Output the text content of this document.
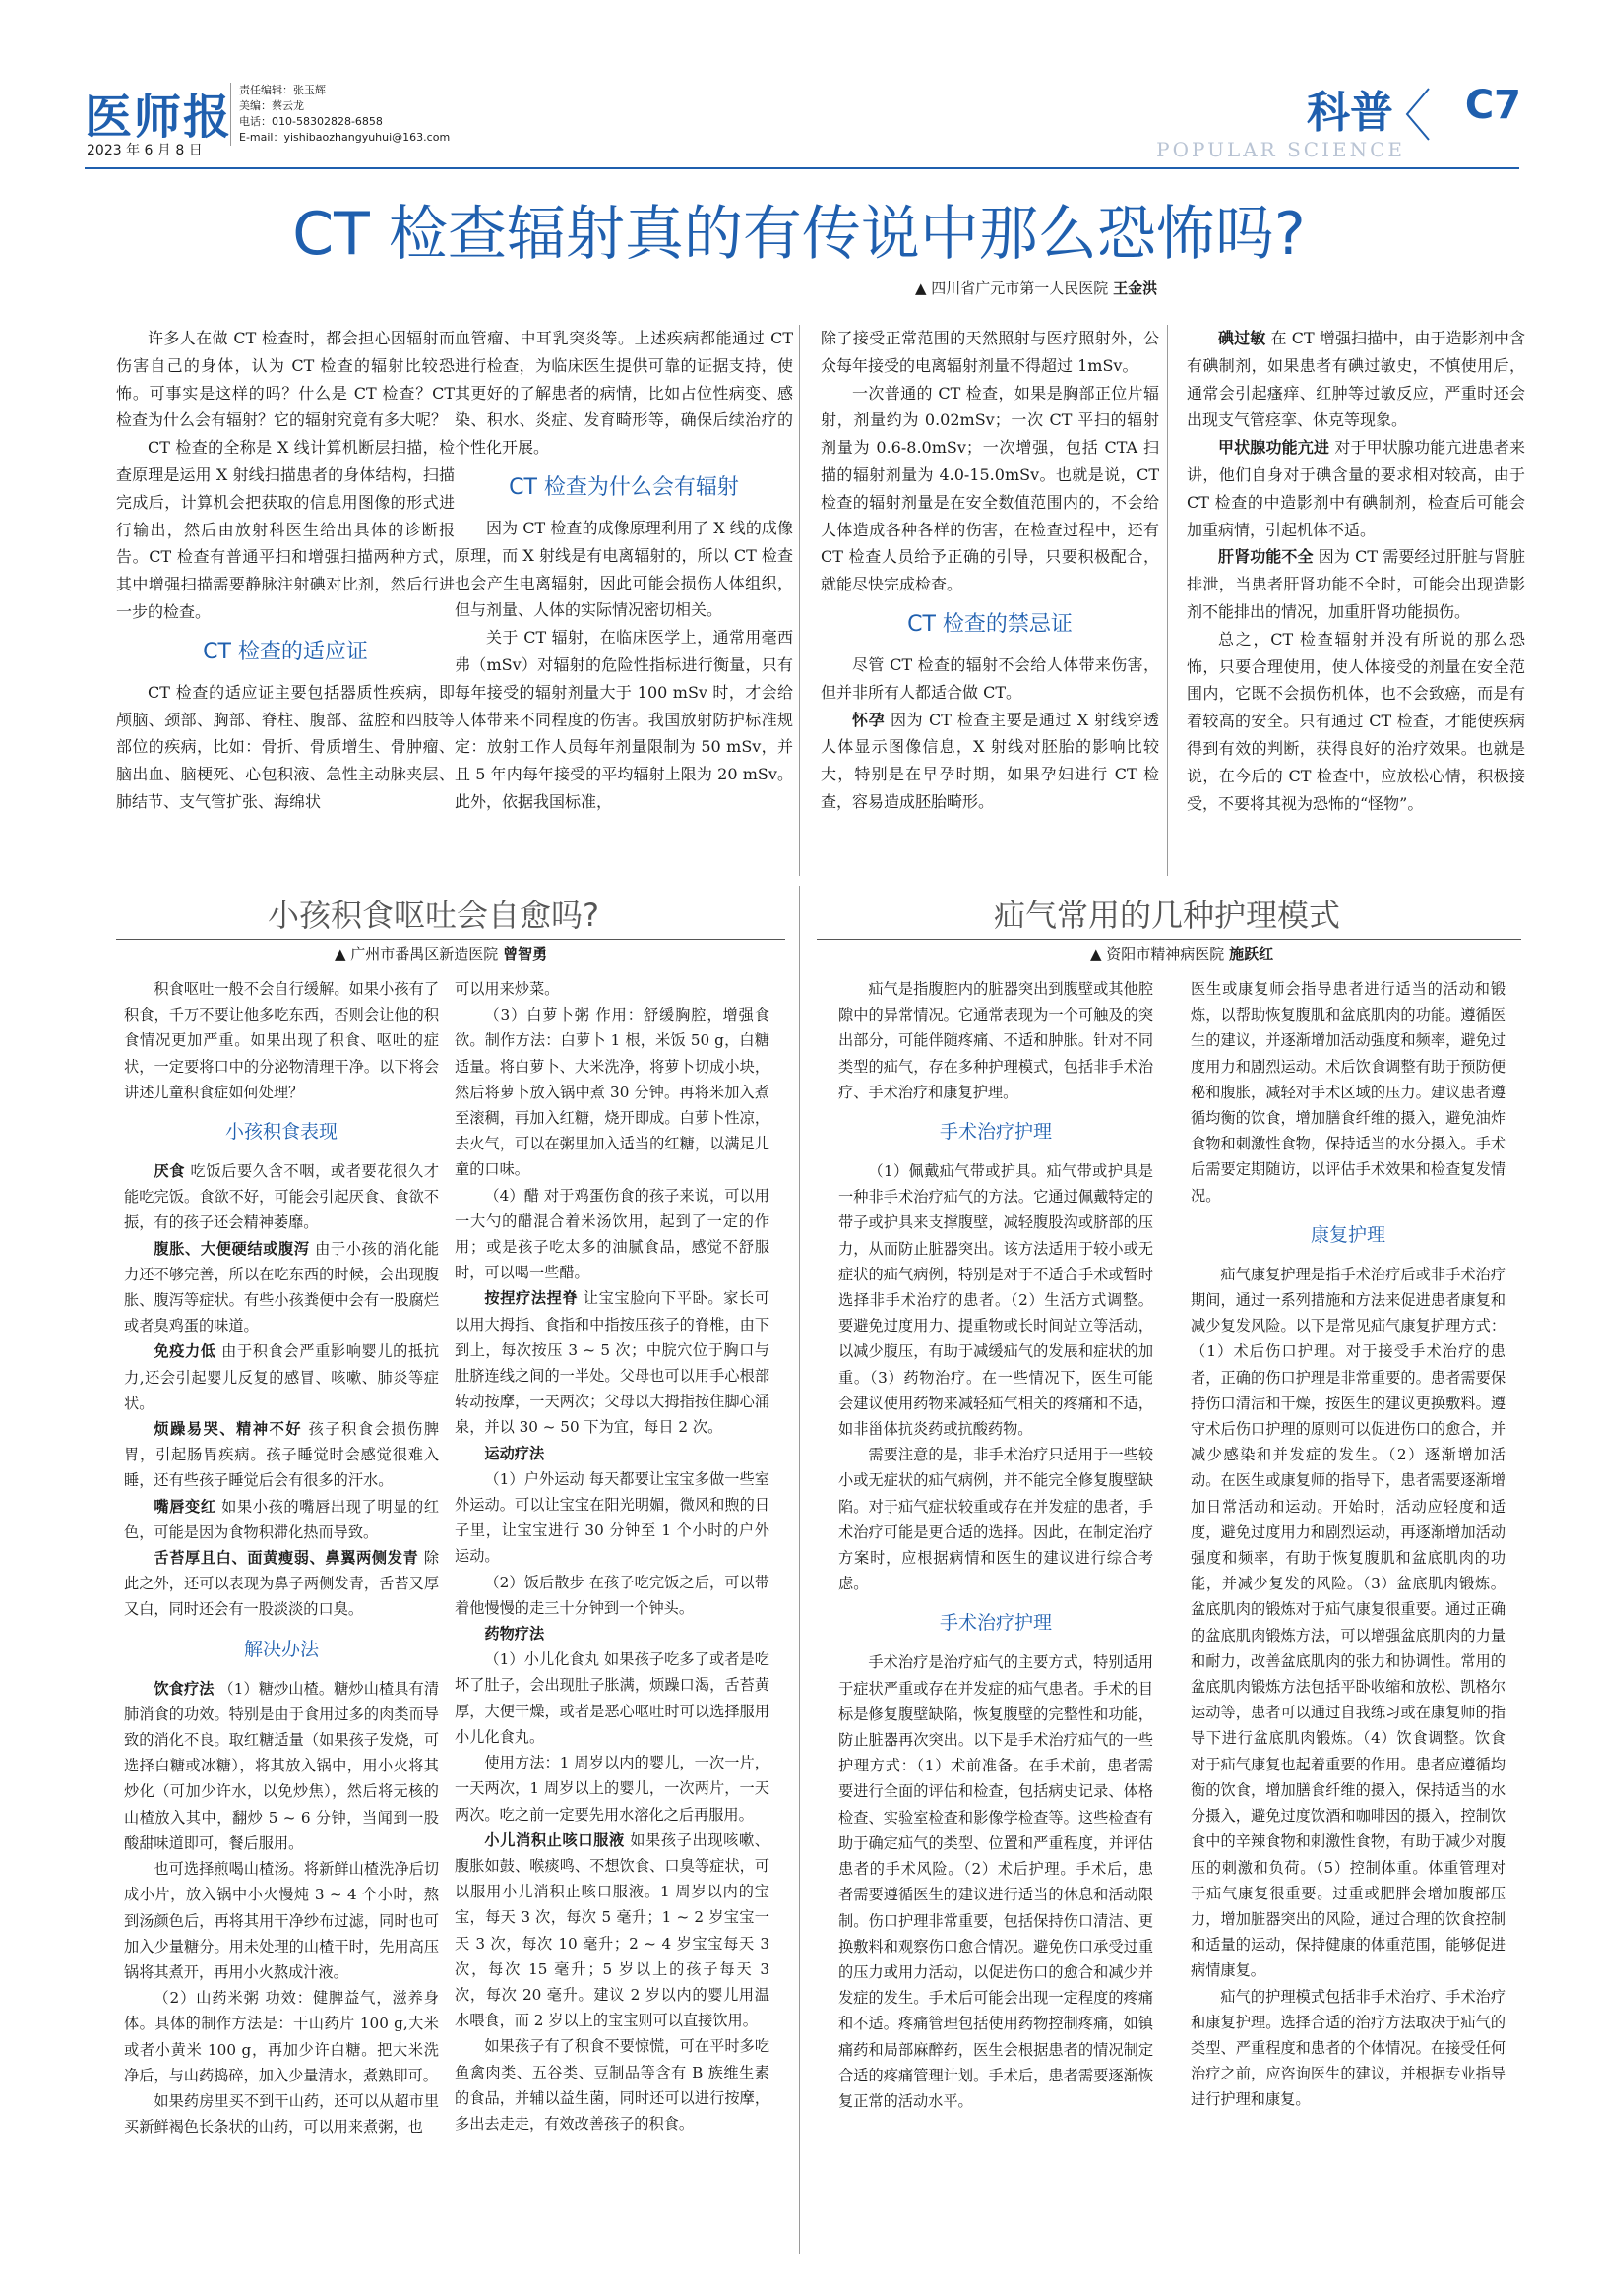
医师报
2023 年 6 月 8 日
责任编辑：张玉辉
美编：蔡云龙
电话：010-58302828-6858
E-mail：yishibaozhangyuhui@163.com	科普
POPULAR SCIENCE
C7
CT 检查辐射真的有传说中那么恐怖吗?
▲ 四川省广元市第一人民医院 王金洪

许多人在做 CT 检查时，都会担心因辐射而伤害自己的身体，认为 CT 检查的辐射比较恐怖。可事实是这样的吗？什么是 CT 检查？CT 检查为什么会有辐射？它的辐射究竟有多大呢？

CT 检查的全称是 X 线计算机断层扫描，检查原理是运用 X 射线扫描患者的身体结构，扫描完成后，计算机会把获取的信息用图像的形式进行输出，然后由放射科医生给出具体的诊断报告。CT 检查有普通平扫和增强扫描两种方式，其中增强扫描需要静脉注射碘对比剂，然后行进一步的检查。

CT 检查的适应证

CT 检查的适应证主要包括器质性疾病，即颅脑、颈部、胸部、脊柱、腹部、盆腔和四肢等部位的疾病，比如：骨折、骨质增生、骨肿瘤、脑出血、脑梗死、心包积液、急性主动脉夹层、肺结节、支气管扩张、海绵状

血管瘤、中耳乳突炎等。上述疾病都能通过 CT 进行检查，为临床医生提供可靠的证据支持，使其更好的了解患者的病情，比如占位性病变、感染、积水、炎症、发育畸形等，确保后续治疗的个性化开展。

CT 检查为什么会有辐射

因为 CT 检查的成像原理利用了 X 线的成像原理，而 X 射线是有电离辐射的，所以 CT 检查也会产生电离辐射，因此可能会损伤人体组织，但与剂量、人体的实际情况密切相关。

关于 CT 辐射，在临床医学上，通常用毫西弗（mSv）对辐射的危险性指标进行衡量，只有每年接受的辐射剂量大于 100 mSv 时，才会给人体带来不同程度的伤害。我国放射防护标准规定：放射工作人员每年剂量限制为 50 mSv，并且 5 年内每年接受的平均辐射上限为 20 mSv。此外，依据我国标准，

除了接受正常范围的天然照射与医疗照射外，公众每年接受的电离辐射剂量不得超过 1mSv。

一次普通的 CT 检查，如果是胸部正位片辐射，剂量约为 0.02mSv；一次 CT 平扫的辐射剂量为 0.6-8.0mSv；一次增强，包括 CTA 扫描的辐射剂量为 4.0-15.0mSv。也就是说，CT 检查的辐射剂量是在安全数值范围内的，不会给人体造成各种各样的伤害，在检查过程中，还有 CT 检查人员给予正确的引导，只要积极配合，就能尽快完成检查。

CT 检查的禁忌证

尽管 CT 检查的辐射不会给人体带来伤害，但并非所有人都适合做 CT。

怀孕 因为 CT 检查主要是通过 X 射线穿透人体显示图像信息，X 射线对胚胎的影响比较大，特别是在早孕时期，如果孕妇进行 CT 检查，容易造成胚胎畸形。

碘过敏 在 CT 增强扫描中，由于造影剂中含有碘制剂，如果患者有碘过敏史，不慎使用后，通常会引起瘙痒、红肿等过敏反应，严重时还会出现支气管痉挛、休克等现象。

甲状腺功能亢进 对于甲状腺功能亢进患者来讲，他们自身对于碘含量的要求相对较高，由于 CT 检查的中造影剂中有碘制剂，检查后可能会加重病情，引起机体不适。

肝肾功能不全 因为 CT 需要经过肝脏与肾脏排泄，当患者肝肾功能不全时，可能会出现造影剂不能排出的情况，加重肝肾功能损伤。

总之，CT 检查辐射并没有所说的那么恐怖，只要合理使用，使人体接受的剂量在安全范围内，它既不会损伤机体，也不会致癌，而是有着较高的安全。只有通过 CT 检查，才能使疾病得到有效的判断，获得良好的治疗效果。也就是说，在今后的 CT 检查中，应放松心情，积极接受，不要将其视为恐怖的“怪物”。

小孩积食呕吐会自愈吗?
▲ 广州市番禺区新造医院 曾智勇

积食呕吐一般不会自行缓解。如果小孩有了积食，千万不要让他多吃东西，否则会让他的积食情况更加严重。如果出现了积食、呕吐的症状，一定要将口中的分泌物清理干净。以下将会讲述儿童积食症如何处理？

小孩积食表现

厌食 吃饭后要久含不咽，或者要花很久才能吃完饭。食欲不好，可能会引起厌食、食欲不振，有的孩子还会精神萎靡。

腹胀、大便硬结或腹泻 由于小孩的消化能力还不够完善，所以在吃东西的时候，会出现腹胀、腹泻等症状。有些小孩粪便中会有一股腐烂或者臭鸡蛋的味道。

免疫力低 由于积食会严重影响婴儿的抵抗力,还会引起婴儿反复的感冒、咳嗽、肺炎等症状。

烦躁易哭、精神不好 孩子积食会损伤脾胃，引起肠胃疾病。孩子睡觉时会感觉很难入睡，还有些孩子睡觉后会有很多的汗水。

嘴唇变红 如果小孩的嘴唇出现了明显的红色，可能是因为食物积滞化热而导致。

舌苔厚且白、面黄瘦弱、鼻翼两侧发青 除此之外，还可以表现为鼻子两侧发青，舌苔又厚又白，同时还会有一股淡淡的口臭。

解决办法

饮食疗法 （1）糖炒山楂。糖炒山楂具有清肺消食的功效。特别是由于食用过多的肉类而导致的消化不良。取红糖适量（如果孩子发烧，可选择白糖或冰糖），将其放入锅中，用小火将其炒化（可加少许水，以免炒焦），然后将无核的山楂放入其中，翻炒 5 ~ 6 分钟，当闻到一股酸甜味道即可，餐后服用。

也可选择煎喝山楂汤。将新鲜山楂洗净后切成小片，放入锅中小火慢炖 3 ~ 4 个小时，熬到汤颜色后，再将其用干净纱布过滤，同时也可加入少量糖分。用未处理的山楂干时，先用高压锅将其煮开，再用小火熬成汁液。

（2）山药米粥 功效：健脾益气，滋养身体。具体的制作方法是：干山药片 100 g,大米或者小黄米 100 g，再加少许白糖。把大米洗净后，与山药捣碎，加入少量清水，煮熟即可。

如果药房里买不到干山药，还可以从超市里买新鲜褐色长条状的山药，可以用来煮粥，也

可以用来炒菜。

（3）白萝卜粥 作用：舒缓胸腔，增强食欲。制作方法：白萝卜 1 根，米饭 50 g，白糖适量。将白萝卜、大米洗净，将萝卜切成小块，然后将萝卜放入锅中煮 30 分钟。再将米加入煮至滚稠，再加入红糖，烧开即成。白萝卜性凉，去火气，可以在粥里加入适当的红糖，以满足儿童的口味。

（4）醋 对于鸡蛋伤食的孩子来说，可以用一大勺的醋混合着米汤饮用，起到了一定的作用；或是孩子吃太多的油腻食品，感觉不舒服时，可以喝一些醋。

按捏疗法捏脊 让宝宝脸向下平卧。家长可以用大拇指、食指和中指按压孩子的脊椎，由下到上，每次按压 3 ~ 5 次；中脘穴位于胸口与肚脐连线之间的一半处。父母也可以用手心根部转动按摩，一天两次；父母以大拇指按住脚心涌泉，并以 30 ~ 50 下为宜，每日 2 次。

运动疗法

（1）户外运动 每天都要让宝宝多做一些室外运动。可以让宝宝在阳光明媚，微风和煦的日子里，让宝宝进行 30 分钟至 1 个小时的户外运动。

（2）饭后散步 在孩子吃完饭之后，可以带着他慢慢的走三十分钟到一个钟头。

药物疗法

（1）小儿化食丸 如果孩子吃多了或者是吃坏了肚子，会出现肚子胀满，烦躁口渴，舌苔黄厚，大便干燥，或者是恶心呕吐时可以选择服用小儿化食丸。

使用方法：1 周岁以内的婴儿，一次一片，一天两次，1 周岁以上的婴儿，一次两片，一天两次。吃之前一定要先用水溶化之后再服用。

小儿消积止咳口服液 如果孩子出现咳嗽、腹胀如鼓、喉痰鸣、不想饮食、口臭等症状，可以服用小儿消积止咳口服液。1 周岁以内的宝宝，每天 3 次，每次 5 毫升；1 ~ 2 岁宝宝一天 3 次，每次 10 毫升；2 ~ 4 岁宝宝每天 3 次，每次 15 毫升；5 岁以上的孩子每天 3 次，每次 20 毫升。建议 2 岁以内的婴儿用温水喂食，而 2 岁以上的宝宝则可以直接饮用。

如果孩子有了积食不要惊慌，可在平时多吃鱼禽肉类、五谷类、豆制品等含有 B 族维生素的食品，并辅以益生菌，同时还可以进行按摩，多出去走走，有效改善孩子的积食。

疝气常用的几种护理模式
▲ 资阳市精神病医院 施跃红

疝气是指腹腔内的脏器突出到腹壁或其他腔隙中的异常情况。它通常表现为一个可触及的突出部分，可能伴随疼痛、不适和肿胀。针对不同类型的疝气，存在多种护理模式，包括非手术治疗、手术治疗和康复护理。

手术治疗护理

（1）佩戴疝气带或护具。疝气带或护具是一种非手术治疗疝气的方法。它通过佩戴特定的带子或护具来支撑腹壁，减轻腹股沟或脐部的压力，从而防止脏器突出。该方法适用于较小或无症状的疝气病例，特别是对于不适合手术或暂时选择非手术治疗的患者。（2）生活方式调整。要避免过度用力、提重物或长时间站立等活动，以减少腹压，有助于减缓疝气的发展和症状的加重。（3）药物治疗。在一些情况下，医生可能会建议使用药物来减轻疝气相关的疼痛和不适，如非甾体抗炎药或抗酸药物。

需要注意的是，非手术治疗只适用于一些较小或无症状的疝气病例，并不能完全修复腹壁缺陷。对于疝气症状较重或存在并发症的患者，手术治疗可能是更合适的选择。因此，在制定治疗方案时，应根据病情和医生的建议进行综合考虑。

手术治疗护理

手术治疗是治疗疝气的主要方式，特别适用于症状严重或存在并发症的疝气患者。手术的目标是修复腹壁缺陷，恢复腹壁的完整性和功能，防止脏器再次突出。以下是手术治疗疝气的一些护理方式：（1）术前准备。在手术前，患者需要进行全面的评估和检查，包括病史记录、体格检查、实验室检查和影像学检查等。这些检查有助于确定疝气的类型、位置和严重程度，并评估患者的手术风险。（2）术后护理。手术后，患者需要遵循医生的建议进行适当的休息和活动限制。伤口护理非常重要，包括保持伤口清洁、更换敷料和观察伤口愈合情况。避免伤口承受过重的压力或用力活动，以促进伤口的愈合和减少并发症的发生。手术后可能会出现一定程度的疼痛和不适。疼痛管理包括使用药物控制疼痛，如镇痛药和局部麻醉药，医生会根据患者的情况制定合适的疼痛管理计划。手术后，患者需要逐渐恢复正常的活动水平。

医生或康复师会指导患者进行适当的活动和锻炼，以帮助恢复腹肌和盆底肌肉的功能。遵循医生的建议，并逐渐增加活动强度和频率，避免过度用力和剧烈运动。术后饮食调整有助于预防便秘和腹胀，减轻对手术区域的压力。建议患者遵循均衡的饮食，增加膳食纤维的摄入，避免油炸食物和刺激性食物，保持适当的水分摄入。手术后需要定期随访，以评估手术效果和检查复发情况。

康复护理

疝气康复护理是指手术治疗后或非手术治疗期间，通过一系列措施和方法来促进患者康复和减少复发风险。以下是常见疝气康复护理方式：（1）术后伤口护理。对于接受手术治疗的患者，正确的伤口护理是非常重要的。患者需要保持伤口清洁和干燥，按医生的建议更换敷料。遵守术后伤口护理的原则可以促进伤口的愈合，并减少感染和并发症的发生。（2）逐渐增加活动。在医生或康复师的指导下，患者需要逐渐增加日常活动和运动。开始时，活动应轻度和适度，避免过度用力和剧烈运动，再逐渐增加活动强度和频率，有助于恢复腹肌和盆底肌肉的功能，并减少复发的风险。（3）盆底肌肉锻炼。盆底肌肉的锻炼对于疝气康复很重要。通过正确的盆底肌肉锻炼方法，可以增强盆底肌肉的力量和耐力，改善盆底肌肉的张力和协调性。常用的盆底肌肉锻炼方法包括平卧收缩和放松、凯格尔运动等，患者可以通过自我练习或在康复师的指导下进行盆底肌肉锻炼。（4）饮食调整。饮食对于疝气康复也起着重要的作用。患者应遵循均衡的饮食，增加膳食纤维的摄入，保持适当的水分摄入，避免过度饮酒和咖啡因的摄入，控制饮食中的辛辣食物和刺激性食物，有助于减少对腹压的刺激和负荷。（5）控制体重。体重管理对于疝气康复很重要。过重或肥胖会增加腹部压力，增加脏器突出的风险，通过合理的饮食控制和适量的运动，保持健康的体重范围，能够促进病情康复。

疝气的护理模式包括非手术治疗、手术治疗和康复护理。选择合适的治疗方法取决于疝气的类型、严重程度和患者的个体情况。在接受任何治疗之前，应咨询医生的建议，并根据专业指导进行护理和康复。
